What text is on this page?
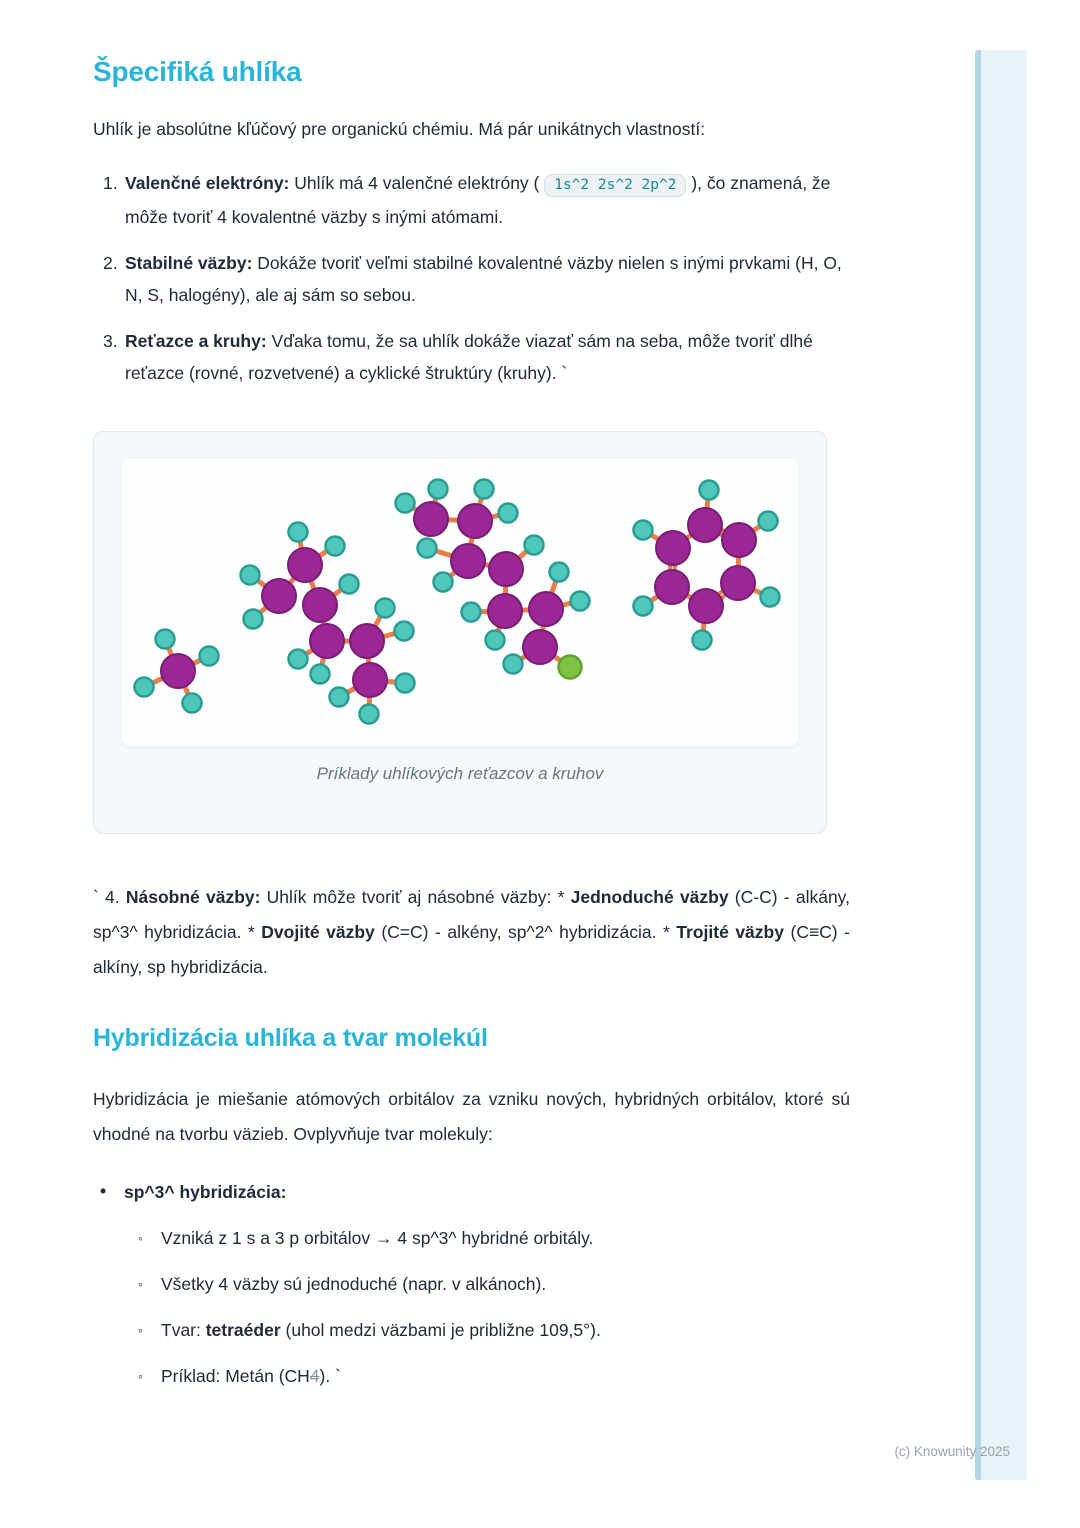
Špecifiká uhlíka

Uhlík je absolútne kľúčový pre organickú chémiu. Má pár unikátnych vlastností:

1. Valenčné elektróny: Uhlík má 4 valenčné elektróny ( 1s^2 2s^2 2p^2 ), čo znamená, že môže tvoriť 4 kovalentné väzby s inými atómami.
2. Stabilné väzby: Dokáže tvoriť veľmi stabilné kovalentné väzby nielen s inými prvkami (H, O, N, S, halogény), ale aj sám so sebou.
3. Reťazce a kruhy: Vďaka tomu, že sa uhlík dokáže viazať sám na seba, môže tvoriť dlhé reťazce (rovné, rozvetvené) a cyklické štruktúry (kruhy). `
Príklady uhlíkových reťazcov a kruhov

` 4. Násobné väzby: Uhlík môže tvoriť aj násobné väzby: * Jednoduché väzby (C-C) - alkány, sp^3^ hybridizácia. * Dvojité väzby (C=C) - alkény, sp^2^ hybridizácia. * Trojité väzby (C≡C) - alkíny, sp hybridizácia.

Hybridizácia uhlíka a tvar molekúl

Hybridizácia je miešanie atómových orbitálov za vzniku nových, hybridných orbitálov, ktoré sú vhodné na tvorbu väzieb. Ovplyvňuje tvar molekuly:

• sp^3^ hybridizácia:
◦ Vzniká z 1 s a 3 p orbitálov → 4 sp^3^ hybridné orbitály.
◦ Všetky 4 väzby sú jednoduché (napr. v alkánoch).
◦ Tvar: tetraéder (uhol medzi väzbami je približne 109,5°).
◦ Príklad: Metán (CH4). `
(c) Knowunity 2025
